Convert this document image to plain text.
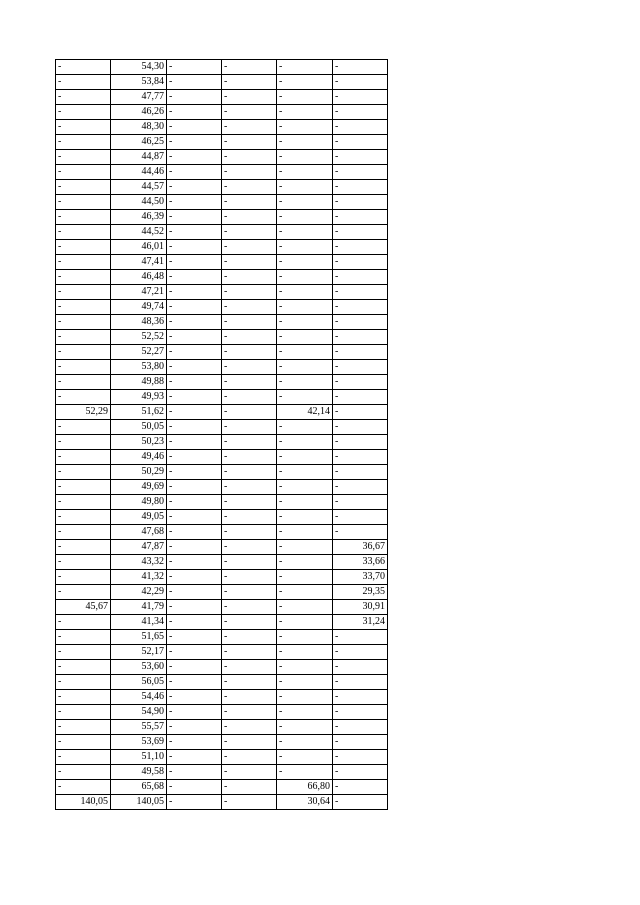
-	54,30	-	-	-	-
-	53,84	-	-	-	-
-	47,77	-	-	-	-
-	46,26	-	-	-	-
-	48,30	-	-	-	-
-	46,25	-	-	-	-
-	44,87	-	-	-	-
-	44,46	-	-	-	-
-	44,57	-	-	-	-
-	44,50	-	-	-	-
-	46,39	-	-	-	-
-	44,52	-	-	-	-
-	46,01	-	-	-	-
-	47,41	-	-	-	-
-	46,48	-	-	-	-
-	47,21	-	-	-	-
-	49,74	-	-	-	-
-	48,36	-	-	-	-
-	52,52	-	-	-	-
-	52,27	-	-	-	-
-	53,80	-	-	-	-
-	49,88	-	-	-	-
-	49,93	-	-	-	-
52,29	51,62	-	-	42,14	-
-	50,05	-	-	-	-
-	50,23	-	-	-	-
-	49,46	-	-	-	-
-	50,29	-	-	-	-
-	49,69	-	-	-	-
-	49,80	-	-	-	-
-	49,05	-	-	-	-
-	47,68	-	-	-	-
-	47,87	-	-	-	36,67
-	43,32	-	-	-	33,66
-	41,32	-	-	-	33,70
-	42,29	-	-	-	29,35
45,67	41,79	-	-	-	30,91
-	41,34	-	-	-	31,24
-	51,65	-	-	-	-
-	52,17	-	-	-	-
-	53,60	-	-	-	-
-	56,05	-	-	-	-
-	54,46	-	-	-	-
-	54,90	-	-	-	-
-	55,57	-	-	-	-
-	53,69	-	-	-	-
-	51,10	-	-	-	-
-	49,58	-	-	-	-
-	65,68	-	-	66,80	-
140,05	140,05	-	-	30,64	-
